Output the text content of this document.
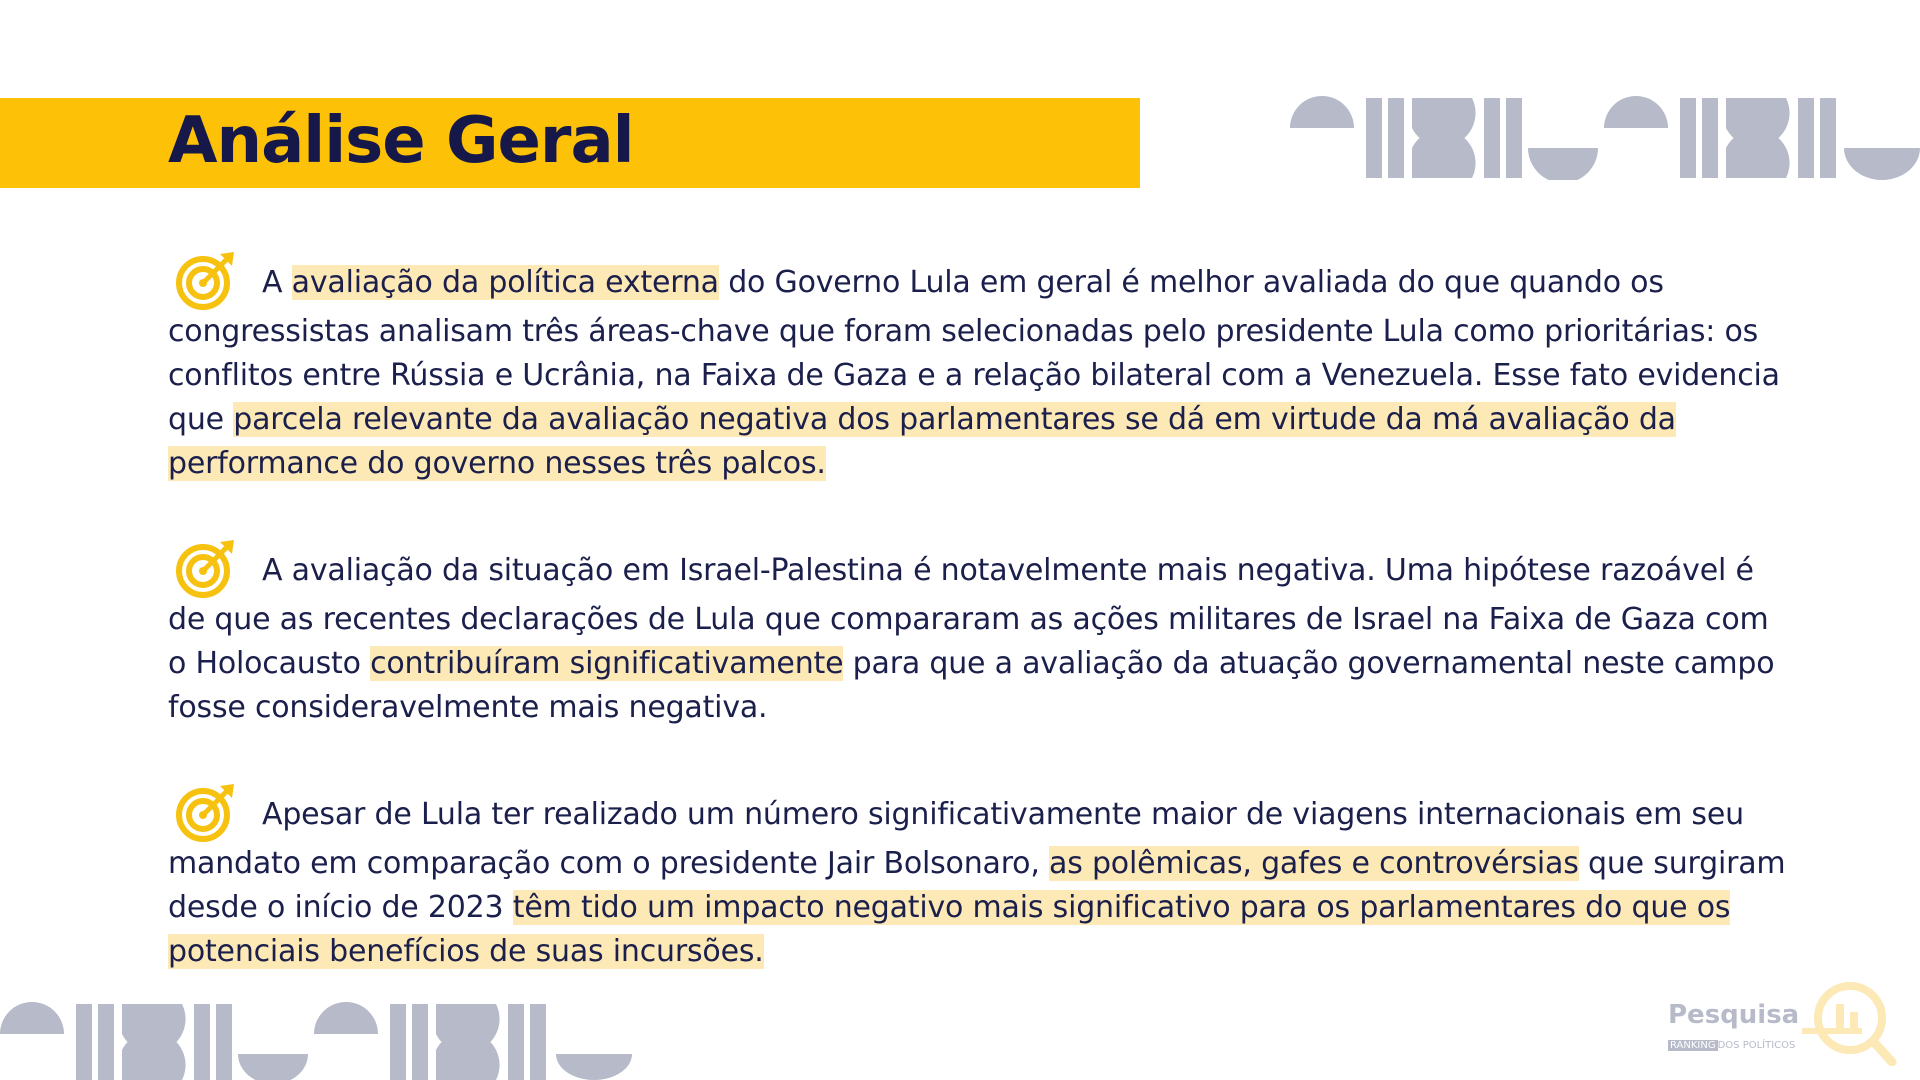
Análise Geral

A avaliação da política externa do Governo Lula em geral é melhor avaliada do que quando os congressistas analisam três áreas-chave que foram selecionadas pelo presidente Lula como prioritárias: os conflitos entre Rússia e Ucrânia, na Faixa de Gaza e a relação bilateral com a Venezuela. Esse fato evidencia que parcela relevante da avaliação negativa dos parlamentares se dá em virtude da má avaliação da performance do governo nesses três palcos.

A avaliação da situação em Israel-Palestina é notavelmente mais negativa. Uma hipótese razoável é de que as recentes declarações de Lula que compararam as ações militares de Israel na Faixa de Gaza com o Holocausto contribuíram significativamente para que a avaliação da atuação governamental neste campo fosse consideravelmente mais negativa.

Apesar de Lula ter realizado um número significativamente maior de viagens internacionais em seu mandato em comparação com o presidente Jair Bolsonaro, as polêmicas, gafes e controvérsias que surgiram desde o início de 2023 têm tido um impacto negativo mais significativo para os parlamentares do que os potenciais benefícios de suas incursões.

Pesquisa
RANKING DOS POLÍTICOS
